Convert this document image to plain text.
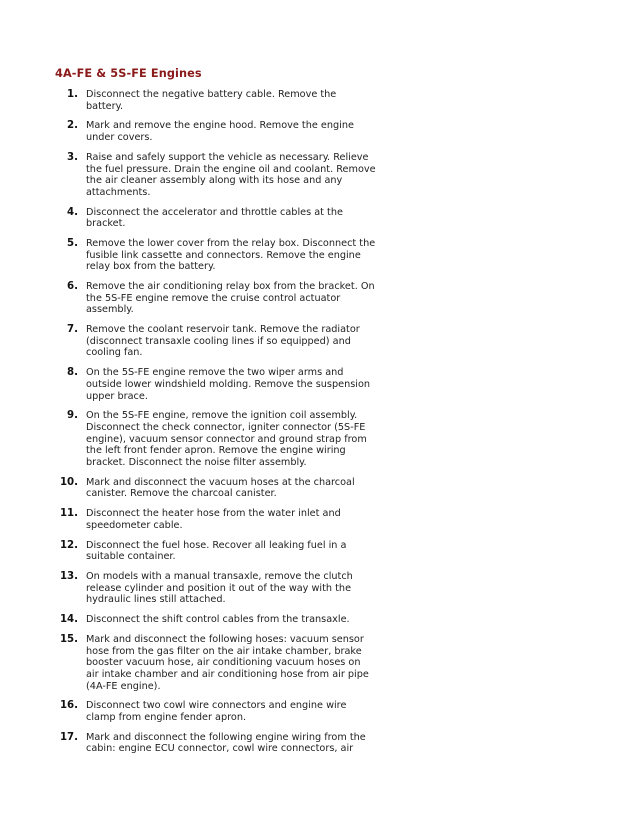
4A-FE & 5S-FE Engines
1. Disconnect the negative battery cable. Remove the battery.
2. Mark and remove the engine hood. Remove the engine under covers.
3. Raise and safely support the vehicle as necessary. Relieve the fuel pressure. Drain the engine oil and coolant. Remove the air cleaner assembly along with its hose and any attachments.
4. Disconnect the accelerator and throttle cables at the bracket.
5. Remove the lower cover from the relay box. Disconnect the fusible link cassette and connectors. Remove the engine relay box from the battery.
6. Remove the air conditioning relay box from the bracket. On the 5S-FE engine remove the cruise control actuator assembly.
7. Remove the coolant reservoir tank. Remove the radiator (disconnect transaxle cooling lines if so equipped) and cooling fan.
8. On the 5S-FE engine remove the two wiper arms and outside lower windshield molding. Remove the suspension upper brace.
9. On the 5S-FE engine, remove the ignition coil assembly. Disconnect the check connector, igniter connector (5S-FE engine), vacuum sensor connector and ground strap from the left front fender apron. Remove the engine wiring bracket. Disconnect the noise filter assembly.
10. Mark and disconnect the vacuum hoses at the charcoal canister. Remove the charcoal canister.
11. Disconnect the heater hose from the water inlet and speedometer cable.
12. Disconnect the fuel hose. Recover all leaking fuel in a suitable container.
13. On models with a manual transaxle, remove the clutch release cylinder and position it out of the way with the hydraulic lines still attached.
14. Disconnect the shift control cables from the transaxle.
15. Mark and disconnect the following hoses: vacuum sensor hose from the gas filter on the air intake chamber, brake booster vacuum hose, air conditioning vacuum hoses on air intake chamber and air conditioning hose from air pipe (4A-FE engine).
16. Disconnect two cowl wire connectors and engine wire clamp from engine fender apron.
17. Mark and disconnect the following engine wiring from the cabin: engine ECU connector, cowl wire connectors, air
